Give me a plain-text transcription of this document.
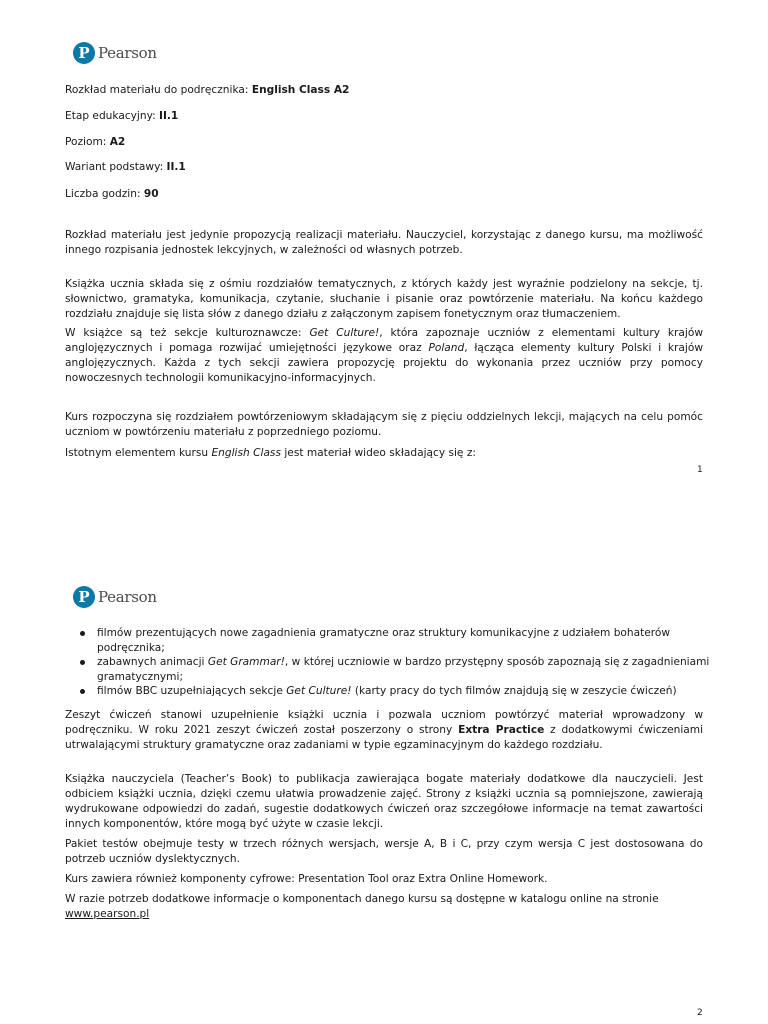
P Pearson
Rozkład materiału do podręcznika: English Class A2
Etap edukacyjny: II.1
Poziom: A2
Wariant podstawy: II.1
Liczba godzin: 90

Rozkład materiału jest jedynie propozycją realizacji materiału. Nauczyciel, korzystając z danego kursu, ma możliwość innego rozpisania jednostek lekcyjnych, w zależności od własnych potrzeb.

Książka ucznia składa się z ośmiu rozdziałów tematycznych, z których każdy jest wyraźnie podzielony na sekcje, tj. słownictwo, gramatyka, komunikacja, czytanie, słuchanie i pisanie oraz powtórzenie materiału. Na końcu każdego rozdziału znajduje się lista słów z danego działu z załączonym zapisem fonetycznym oraz tłumaczeniem.

W książce są też sekcje kulturoznawcze: Get Culture!, która zapoznaje uczniów z elementami kultury krajów anglojęzycznych i pomaga rozwijać umiejętności językowe oraz Poland, łącząca elementy kultury Polski i krajów anglojęzycznych. Każda z tych sekcji zawiera propozycję projektu do wykonania przez uczniów przy pomocy nowoczesnych technologii komunikacyjno-informacyjnych.

Kurs rozpoczyna się rozdziałem powtórzeniowym składającym się z pięciu oddzielnych lekcji, mających na celu pomóc uczniom w powtórzeniu materiału z poprzedniego poziomu.

Istotnym elementem kursu English Class jest materiał wideo składający się z:

1
P Pearson
filmów prezentujących nowe zagadnienia gramatyczne oraz struktury komunikacyjne z udziałem bohaterów podręcznika;
zabawnych animacji Get Grammar!, w której uczniowie w bardzo przystępny sposób zapoznają się z zagadnieniami gramatycznymi;
filmów BBC uzupełniających sekcje Get Culture! (karty pracy do tych filmów znajdują się w zeszycie ćwiczeń)

Zeszyt ćwiczeń stanowi uzupełnienie książki ucznia i pozwala uczniom powtórzyć materiał wprowadzony w podręczniku. W roku 2021 zeszyt ćwiczeń został poszerzony o strony Extra Practice z dodatkowymi ćwiczeniami utrwalającymi struktury gramatyczne oraz zadaniami w typie egzaminacyjnym do każdego rozdziału.

Książka nauczyciela (Teacher’s Book) to publikacja zawierająca bogate materiały dodatkowe dla nauczycieli. Jest odbiciem książki ucznia, dzięki czemu ułatwia prowadzenie zajęć. Strony z książki ucznia są pomniejszone, zawierają wydrukowane odpowiedzi do zadań, sugestie dodatkowych ćwiczeń oraz szczegółowe informacje na temat zawartości innych komponentów, które mogą być użyte w czasie lekcji.

Pakiet testów obejmuje testy w trzech różnych wersjach, wersje A, B i C, przy czym wersja C jest dostosowana do potrzeb uczniów dyslektycznych.

Kurs zawiera również komponenty cyfrowe: Presentation Tool oraz Extra Online Homework.

W razie potrzeb dodatkowe informacje o komponentach danego kursu są dostępne w katalogu online na stronie
www.pearson.pl

2
